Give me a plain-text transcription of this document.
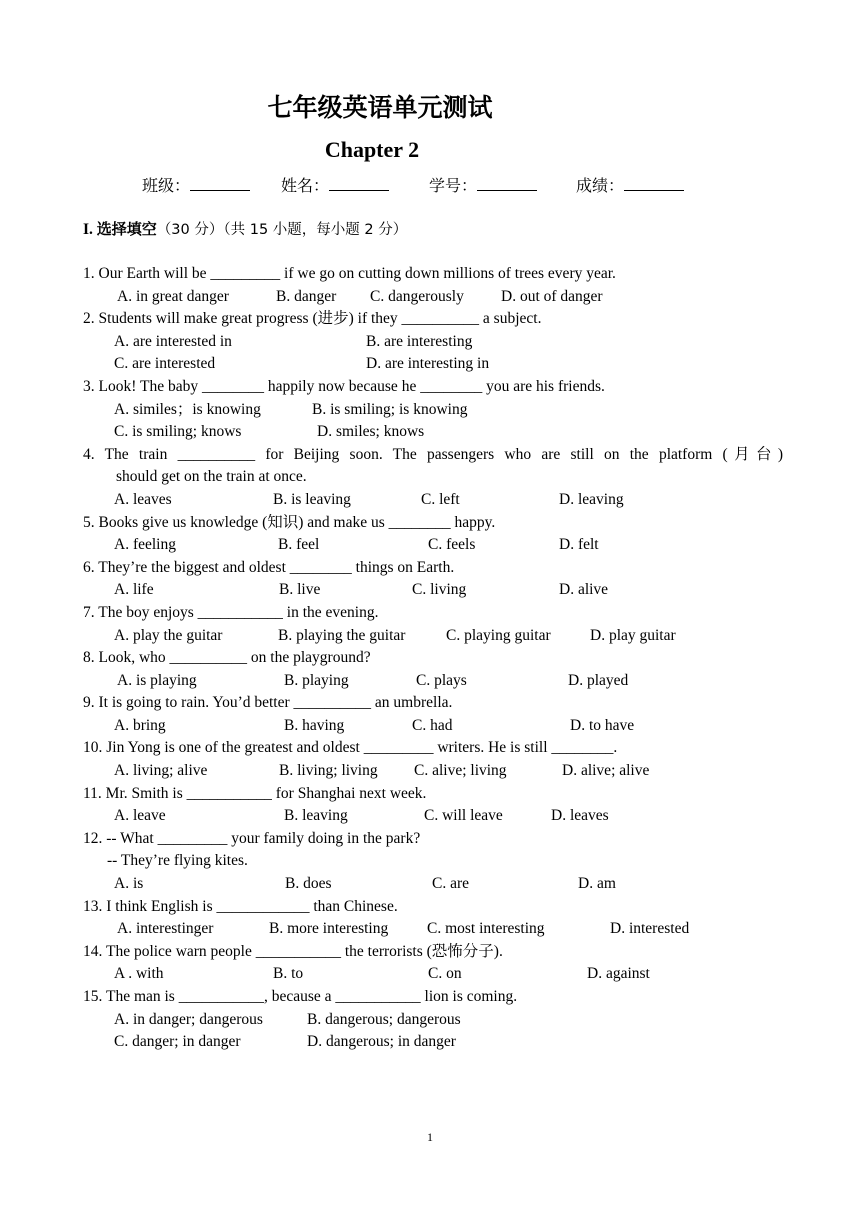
七年级英语单元测试
Chapter 2
班级：	姓名：	学号：	成绩：
I. 选择填空（30 分）（共 15 小题，每小题 2 分）
1. Our Earth will be _________ if we go on cutting down millions of trees every year.
A. in great danger	B. danger C. dangerously D. out of danger
2. Students will make great progress (进步) if they __________ a subject.
A. are interested in	B. are interesting
C. are interested	D. are interesting in
3. Look! The baby ________ happily now because he ________ you are his friends.
A. similes；is knowing	B. is smiling; is knowing
C. is smiling; knows	D. smiles; knows
4. The train __________ for Beijing soon. The passengers who are still on the platform (月台)
should get on the train at once.
A. leaves	B. is leaving	C. left	D. leaving
5. Books give us knowledge (知识) and make us ________ happy.
A. feeling	B. feel	C. feels	D. felt
6. They’re the biggest and oldest ________ things on Earth.
A. life	B. live	C. living	D. alive
7. The boy enjoys ___________ in the evening.
A. play the guitar	B. playing the guitar	C. playing guitar	D. play guitar
8. Look, who __________ on the playground?
A. is playing	B. playing	C. plays	D. played
9. It is going to rain. You’d better __________ an umbrella.
A. bring	B. having	C. had	D. to have
10. Jin Yong is one of the greatest and oldest _________ writers. He is still ________.
A. living; alive	B. living; living C. alive; living	D. alive; alive
11. Mr. Smith is ___________ for Shanghai next week.
A. leave	B. leaving	C. will leave	D. leaves
12. -- What _________ your family doing in the park?
-- They’re flying kites.
A. is	B. does	C. are	D. am
13. I think English is ____________ than Chinese.
A. interestinger	B. more interesting	C. most interesting	D. interested
14. The police warn people ___________ the terrorists (恐怖分子).
A . with	B. to	C. on	D. against
15. The man is ___________, because a ___________ lion is coming.
A. in danger; dangerous	B. dangerous; dangerous
C. danger; in danger	D. dangerous; in danger
1
